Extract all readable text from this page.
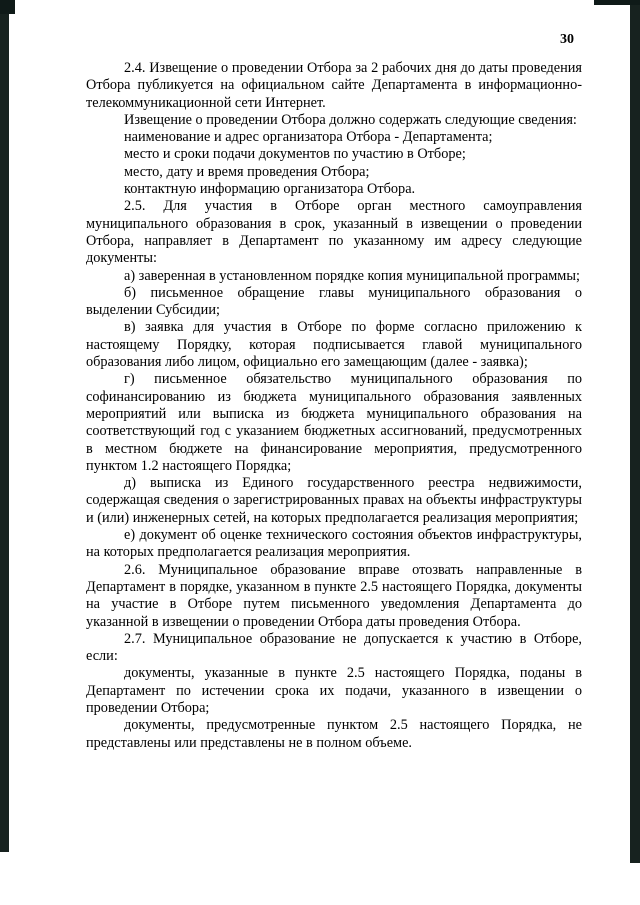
30

2.4. Извещение о проведении Отбора за 2 рабочих дня до даты проведения Отбора публикуется на официальном сайте Департамента в информационно-телекоммуникационной сети Интернет.

Извещение о проведении Отбора должно содержать следующие сведения:

наименование и адрес организатора Отбора - Департамента;

место и сроки подачи документов по участию в Отборе;

место, дату и время проведения Отбора;

контактную информацию организатора Отбора.

2.5. Для участия в Отборе орган местного самоуправления муниципального образования в срок, указанный в извещении о проведении Отбора, направляет в Департамент по указанному им адресу следующие документы:

а) заверенная в установленном порядке копия муниципальной программы;

б) письменное обращение главы муниципального образования о выделении Субсидии;

в) заявка для участия в Отборе по форме согласно приложению к настоящему Порядку, которая подписывается главой муниципального образования либо лицом, официально его замещающим (далее - заявка);

г) письменное обязательство муниципального образования по софинансированию из бюджета муниципального образования заявленных мероприятий или выписка из бюджета муниципального образования на соответствующий год с указанием бюджетных ассигнований, предусмотренных в местном бюджете на финансирование мероприятия, предусмотренного пунктом 1.2 настоящего Порядка;

д) выписка из Единого государственного реестра недвижимости, содержащая сведения о зарегистрированных правах на объекты инфраструктуры и (или) инженерных сетей, на которых предполагается реализация мероприятия;

е) документ об оценке технического состояния объектов инфраструктуры, на которых предполагается реализация мероприятия.

2.6. Муниципальное образование вправе отозвать направленные в Департамент в порядке, указанном в пункте 2.5 настоящего Порядка, документы на участие в Отборе путем письменного уведомления Департамента до указанной в извещении о проведении Отбора даты проведения Отбора.

2.7. Муниципальное образование не допускается к участию в Отборе, если:

документы, указанные в пункте 2.5 настоящего Порядка, поданы в Департамент по истечении срока их подачи, указанного в извещении о проведении Отбора;

документы, предусмотренные пунктом 2.5 настоящего Порядка, не представлены или представлены не в полном объеме.
